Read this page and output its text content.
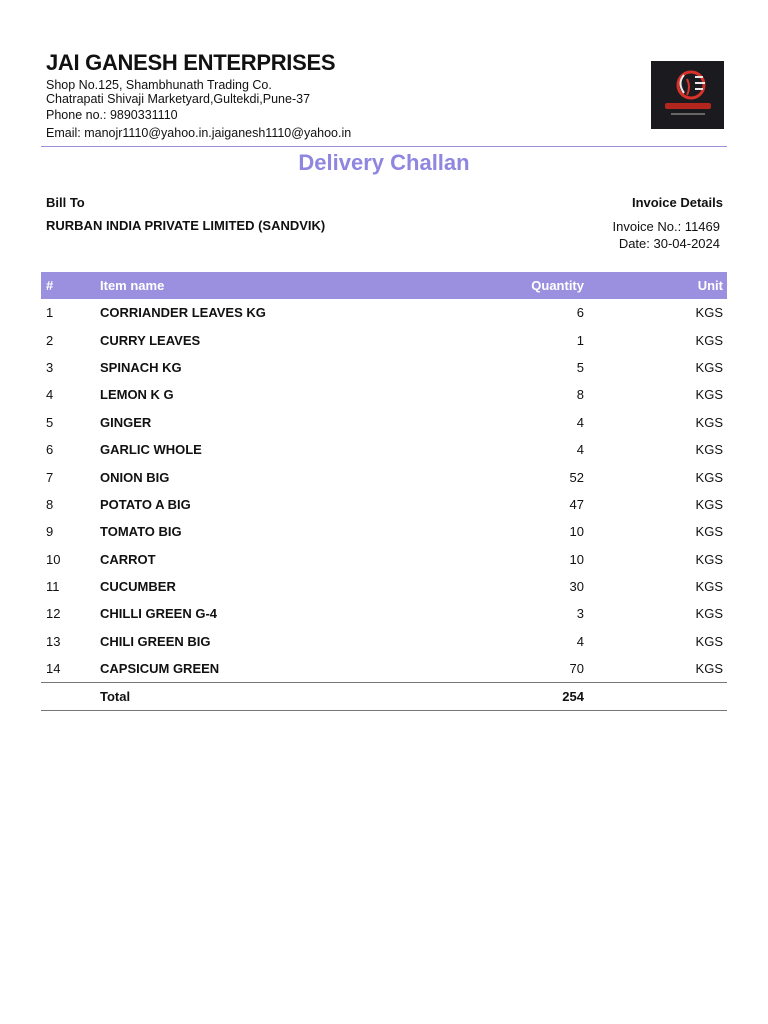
JAI GANESH ENTERPRISES
Shop No.125, Shambhunath Trading Co.
Chatrapati Shivaji Marketyard,Gultekdi,Pune-37
Phone no.: 9890331110
Email: manojr1110@yahoo.in.jaiganesh1110@yahoo.in
Delivery Challan
Bill To
RURBAN INDIA PRIVATE LIMITED (SANDVIK)
Invoice Details
Invoice No.: 11469
Date: 30-04-2024
#	Item name	Quantity	Unit
1	CORRIANDER LEAVES KG	6	KGS
2	CURRY LEAVES	1	KGS
3	SPINACH KG	5	KGS
4	LEMON K G	8	KGS
5	GINGER	4	KGS
6	GARLIC WHOLE	4	KGS
7	ONION BIG	52	KGS
8	POTATO A BIG	47	KGS
9	TOMATO BIG	10	KGS
10	CARROT	10	KGS
11	CUCUMBER	30	KGS
12	CHILLI GREEN G-4	3	KGS
13	CHILI GREEN BIG	4	KGS
14	CAPSICUM GREEN	70	KGS
	Total	254	
